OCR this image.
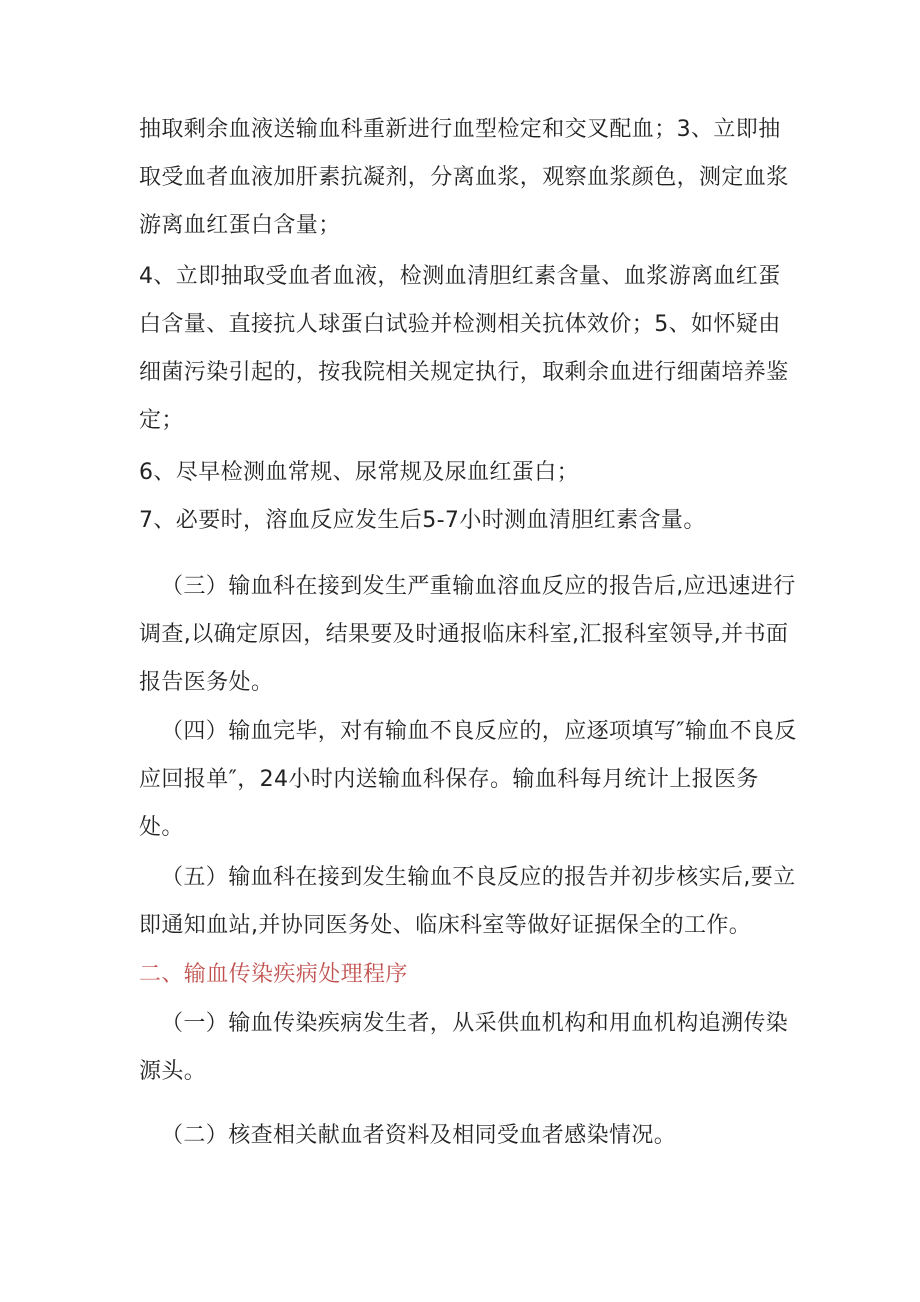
抽取剩余血液送输血科重新进行血型检定和交叉配血；3、立即抽取受血者血液加肝素抗凝剂，分离血浆，观察血浆颜色，测定血浆游离血红蛋白含量；

4、立即抽取受血者血液，检测血清胆红素含量、血浆游离血红蛋白含量、直接抗人球蛋白试验并检测相关抗体效价；5、如怀疑由细菌污染引起的，按我院相关规定执行，取剩余血进行细菌培养鉴定；

6、尽早检测血常规、尿常规及尿血红蛋白；

7、必要时，溶血反应发生后5-7小时测血清胆红素含量。

（三）输血科在接到发生严重输血溶血反应的报告后,应迅速进行调查,以确定原因，结果要及时通报临床科室,汇报科室领导,并书面报告医务处。

（四）输血完毕，对有输血不良反应的，应逐项填写″输血不良反应回报单″，24小时内送输血科保存。输血科每月统计上报医务处。

（五）输血科在接到发生输血不良反应的报告并初步核实后,要立即通知血站,并协同医务处、临床科室等做好证据保全的工作。

二、输血传染疾病处理程序

（一）输血传染疾病发生者，从采供血机构和用血机构追溯传染源头。

（二）核查相关献血者资料及相同受血者感染情况。
